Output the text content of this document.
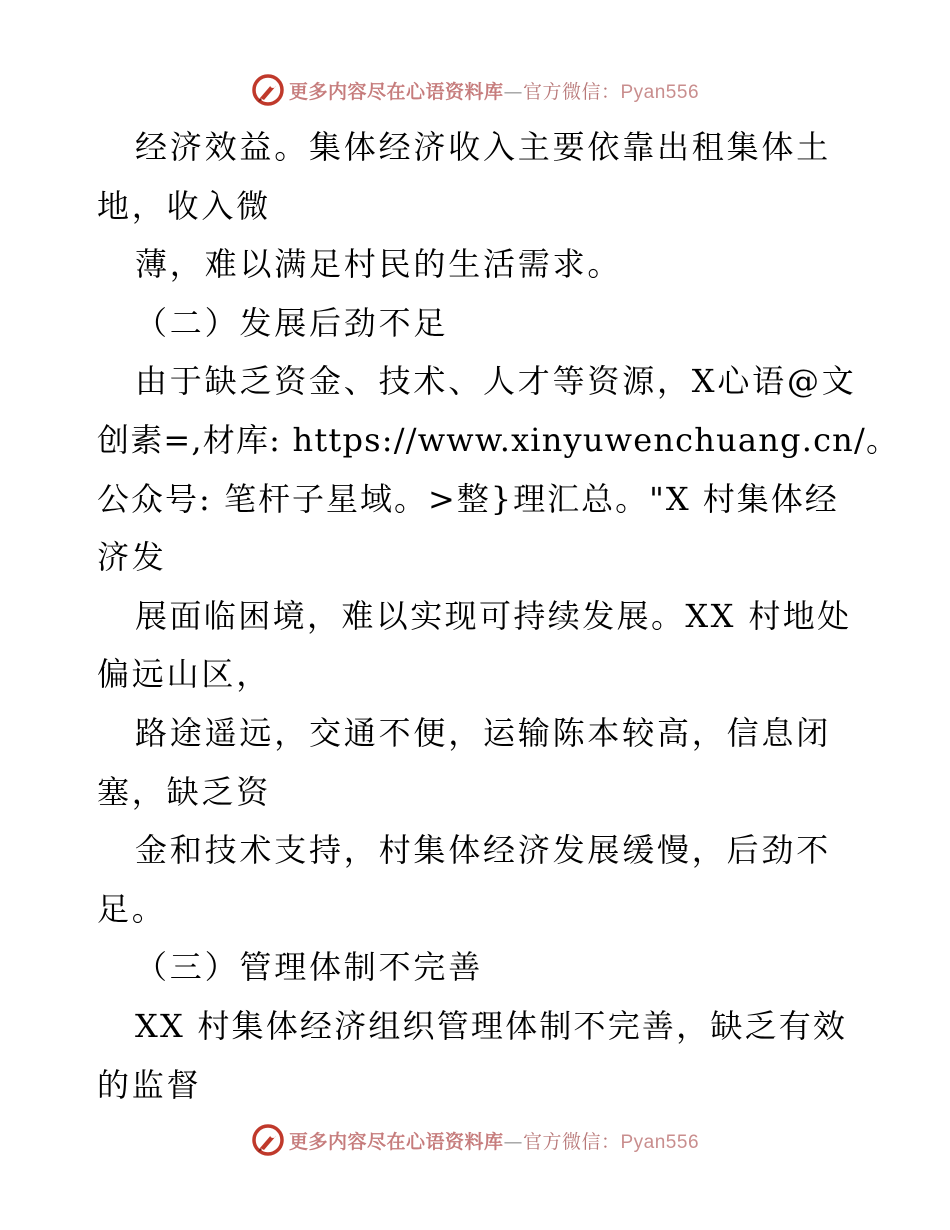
更多内容尽在心语资料库—官方微信：Pyan556
经济效益。集体经济收入主要依靠出租集体土
地，收入微
薄，难以满足村民的生活需求。
（二）发展后劲不足
由于缺乏资金、技术、人才等资源，X心语@文
创素=,材库: https://www.xinyuwenchuang.cn/。
公众号: 笔杆子星域。>整}理汇总。"X 村集体经
济发
展面临困境，难以实现可持续发展。XX 村地处
偏远山区，
路途遥远，交通不便，运输陈本较高，信息闭
塞，缺乏资
金和技术支持，村集体经济发展缓慢，后劲不
足。
（三）管理体制不完善
XX 村集体经济组织管理体制不完善，缺乏有效
的监督
更多内容尽在心语资料库—官方微信：Pyan556
